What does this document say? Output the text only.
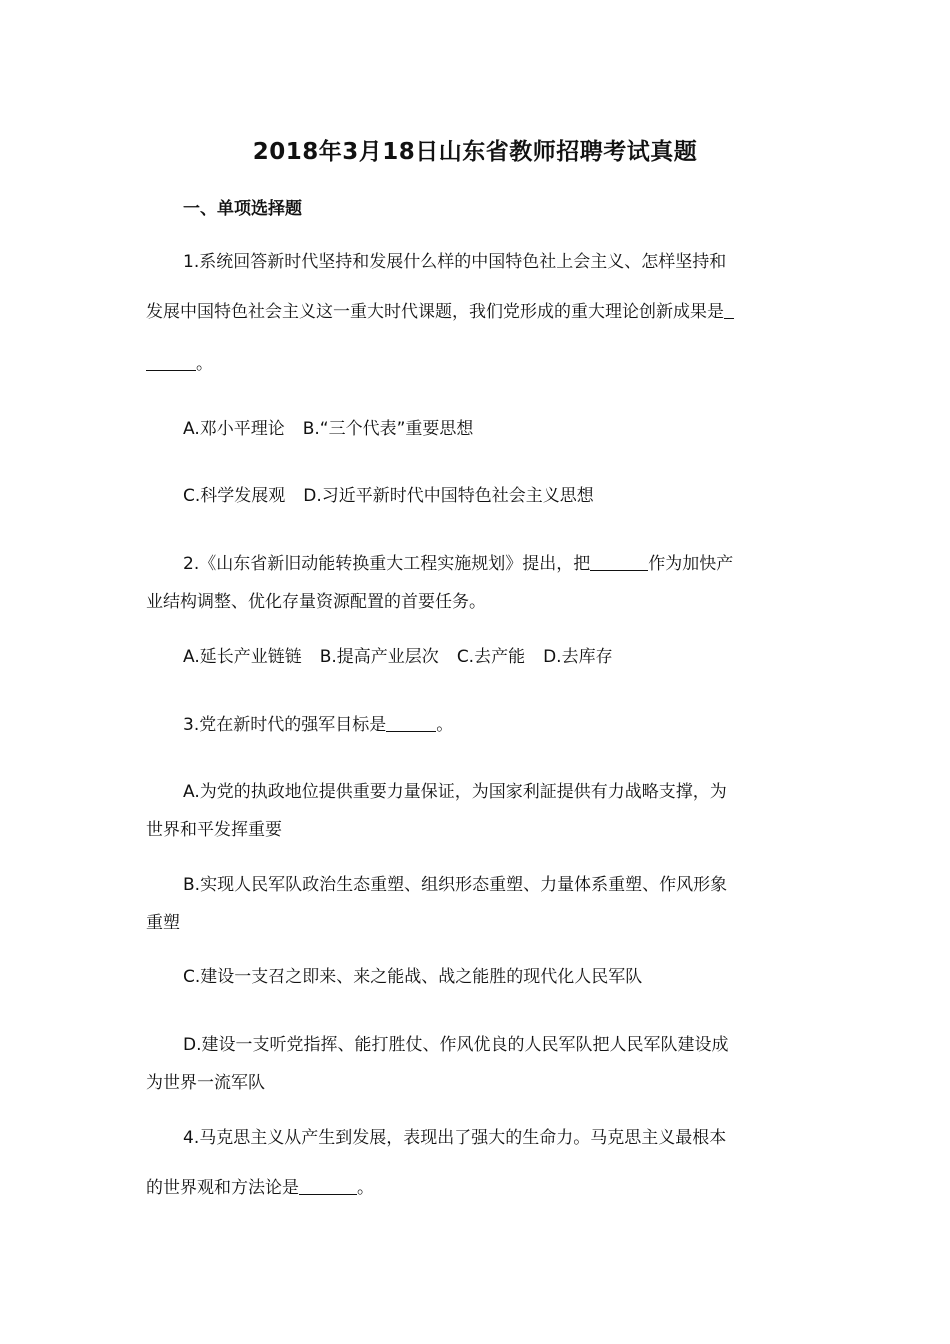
2018年3月18日山东省教师招聘考试真题
一、单项选择题
1.系统回答新时代坚持和发展什么样的中国特色社上会主义、怎样坚持和
发展中国特色社会主义这一重大时代课题，我们党形成的重大理论创新成果是
。
A.邓小平理论 B.“三个代表”重要思想
C.科学发展观 D.习近平新时代中国特色社会主义思想
2.《山东省新旧动能转换重大工程实施规划》提出，把	作为加快产
业结构调整、优化存量资源配置的首要任务。
A.延长产业链链 B.提高产业层次 C.去产能 D.去库存
3.党在新时代的强军目标是	。
A.为党的执政地位提供重要力量保证，为国家利証提供有力战略支撑，为
世界和平发挥重要
B.实现人民军队政治生态重塑、组织形态重塑、力量体系重塑、作风形象
重塑
C.建设一支召之即来、来之能战、战之能胜的现代化人民军队
D.建设一支听党指挥、能打胜仗、作风优良的人民军队把人民军队建设成
为世界一流军队
4.马克思主义从产生到发展，表现出了强大的生命力。马克思主义最根本
的世界观和方法论是	。
